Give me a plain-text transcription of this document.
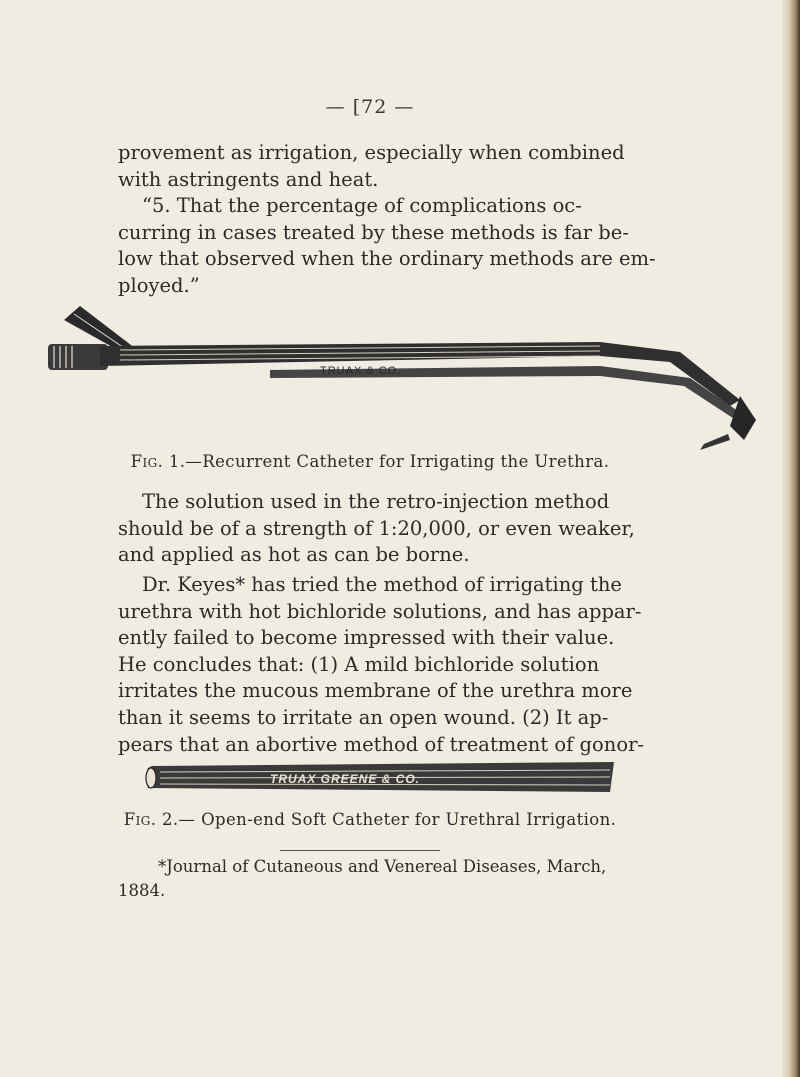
— [72 —
provement as irrigation, especially when combined
with astringents and heat.
“5. That the percentage of complications oc-
curring in cases treated by these methods is far be-
low that observed when the ordinary methods are em-
ployed.”
TRUAX & CO.
Fig. 1.—Recurrent Catheter for Irrigating the Urethra.
The solution used in the retro-injection method
should be of a strength of 1:20,000, or even weaker,
and applied as hot as can be borne.
Dr. Keyes* has tried the method of irrigating the
urethra with hot bichloride solutions, and has appar-
ently failed to become impressed with their value.
He concludes that: (1) A mild bichloride solution
irritates the mucous membrane of the urethra more
than it seems to irritate an open wound. (2) It ap-
pears that an abortive method of treatment of gonor-
TRUAX GREENE & CO.
Fig. 2.— Open-end Soft Catheter for Urethral Irrigation.
*Journal of Cutaneous and Venereal Diseases, March,
1884.
